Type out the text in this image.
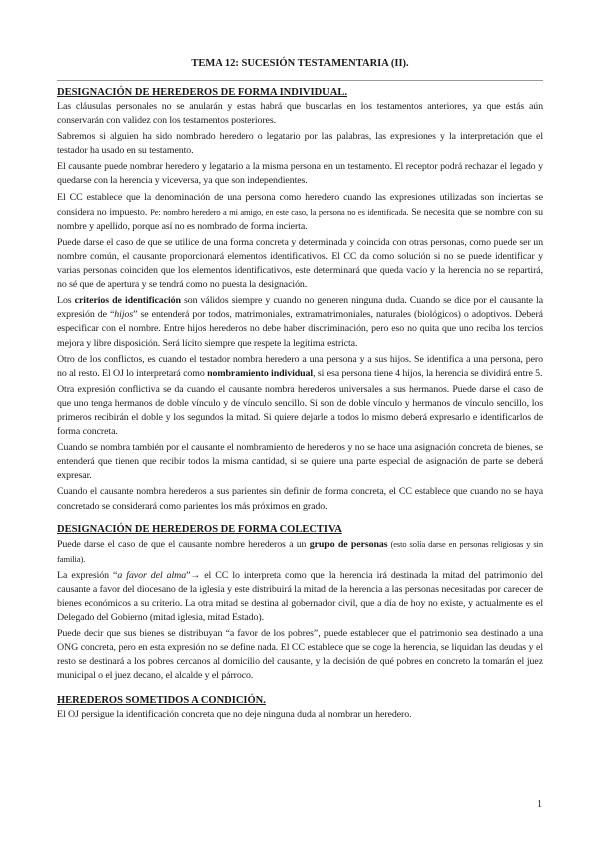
TEMA 12: SUCESIÓN TESTAMENTARIA (II).
DESIGNACIÓN DE HEREDEROS DE FORMA INDIVIDUAL.

Las cláusulas personales no se anularán y estas habrá que buscarlas en los testamentos anteriores, ya que estás aún conservarán con validez con los testamentos posteriores.

Sabremos si alguien ha sido nombrado heredero o legatario por las palabras, las expresiones y la interpretación que el testador ha usado en su testamento.

El causante puede nombrar heredero y legatario a la misma persona en un testamento. El receptor podrá rechazar el legado y quedarse con la herencia y viceversa, ya que son independientes.

El CC establece que la denominación de una persona como heredero cuando las expresiones utilizadas son inciertas se considera no impuesto. Pe: nombro heredero a mi amigo, en este caso, la persona no es identificada. Se necesita que se nombre con su nombre y apellido, porque así no es nombrado de forma incierta.

Puede darse el caso de que se utilice de una forma concreta y determinada y coincida con otras personas, como puede ser un nombre común, el causante proporcionará elementos identificativos. El CC da como solución si no se puede identificar y varias personas coinciden que los elementos identificativos, este determinará que queda vacío y la herencia no se repartirá, no sé que de apertura y se tendrá como no puesta la designación.

Los criterios de identificación son válidos siempre y cuando no generen ninguna duda. Cuando se dice por el causante la expresión de “hijos” se entenderá por todos, matrimoniales, extramatrimoniales, naturales (biológicos) o adoptivos. Deberá especificar con el nombre. Entre hijos herederos no debe haber discriminación, pero eso no quita que uno reciba los tercios mejora y libre disposición. Será lícito siempre que respete la legítima estricta.

Otro de los conflictos, es cuando el testador nombra heredero a una persona y a sus hijos. Se identifica a una persona, pero no al resto. El OJ lo interpretará como nombramiento individual, si esa persona tiene 4 hijos, la herencia se dividirá entre 5.

Otra expresión conflictiva se da cuando el causante nombra herederos universales a sus hermanos. Puede darse el caso de que uno tenga hermanos de doble vínculo y de vínculo sencillo. Si son de doble vínculo y hermanos de vínculo sencillo, los primeros recibirán el doble y los segundos la mitad. Si quiere dejarle a todos lo mismo deberá expresarlo e identificarlos de forma concreta.

Cuando se nombra también por el causante el nombramiento de herederos y no se hace una asignación concreta de bienes, se entenderá que tienen que recibir todos la misma cantidad, si se quiere una parte especial de asignación de parte se deberá expresar.

Cuando el causante nombra herederos a sus parientes sin definir de forma concreta, el CC establece que cuando no se haya concretado se considerará como parientes los más próximos en grado.

DESIGNACIÓN DE HEREDEROS DE FORMA COLECTIVA

Puede darse el caso de que el causante nombre herederos a un grupo de personas (esto solía darse en personas religiosas y sin familia).

La expresión “a favor del alma”→ el CC lo interpreta como que la herencia irá destinada la mitad del patrimonio del causante a favor del diocesano de la iglesia y este distribuirá la mitad de la herencia a las personas necesitadas por carecer de bienes económicos a su criterio. La otra mitad se destina al gobernador civil, que a día de hoy no existe, y actualmente es el Delegado del Gobierno (mitad iglesia, mitad Estado).

Puede decir que sus bienes se distribuyan “a favor de los pobres”, puede establecer que el patrimonio sea destinado a una ONG concreta, pero en esta expresión no se define nada. El CC establece que se coge la herencia, se liquidan las deudas y el resto se destinará a los pobres cercanos al domicilio del causante, y la decisión de qué pobres en concreto la tomarán el juez municipal o el juez decano, el alcalde y el párroco.

HEREDEROS SOMETIDOS A CONDICIÓN.

El OJ persigue la identificación concreta que no deje ninguna duda al nombrar un heredero.

1
